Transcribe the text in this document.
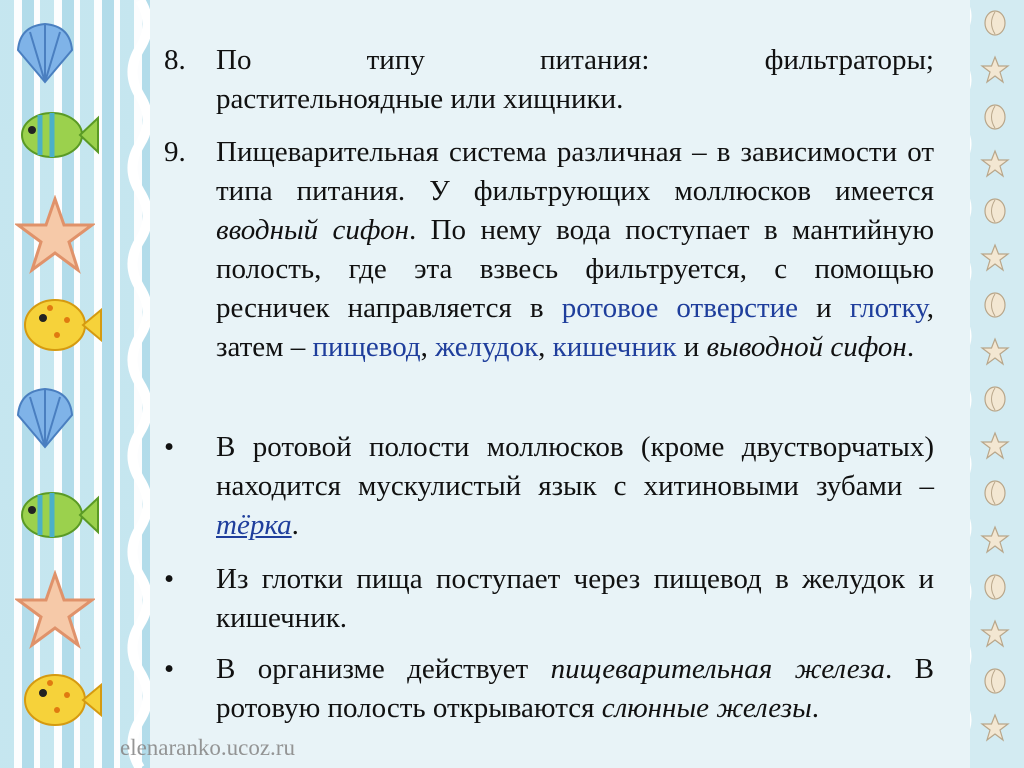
8.	По типу питания: фильтраторы;
растительноядные или хищники.
9.	Пищеварительная система различная – в зависимости от типа питания. У фильтрующих моллюсков имеется вводный сифон. По нему вода поступает в мантийную полость, где эта взвесь фильтруется, с помощью ресничек направляется в ротовое отверстие и глотку, затем – пищевод, желудок, кишечник и выводной сифон.
•	В ротовой полости моллюсков (кроме двустворчатых) находится мускулистый язык с хитиновыми зубами –тёрка.
•	Из глотки пища поступает через пищевод в желудок и кишечник.
•	В организме действует пищеварительная железа. В ротовую полость открываются слюнные железы.
elenaranko.ucoz.ru
